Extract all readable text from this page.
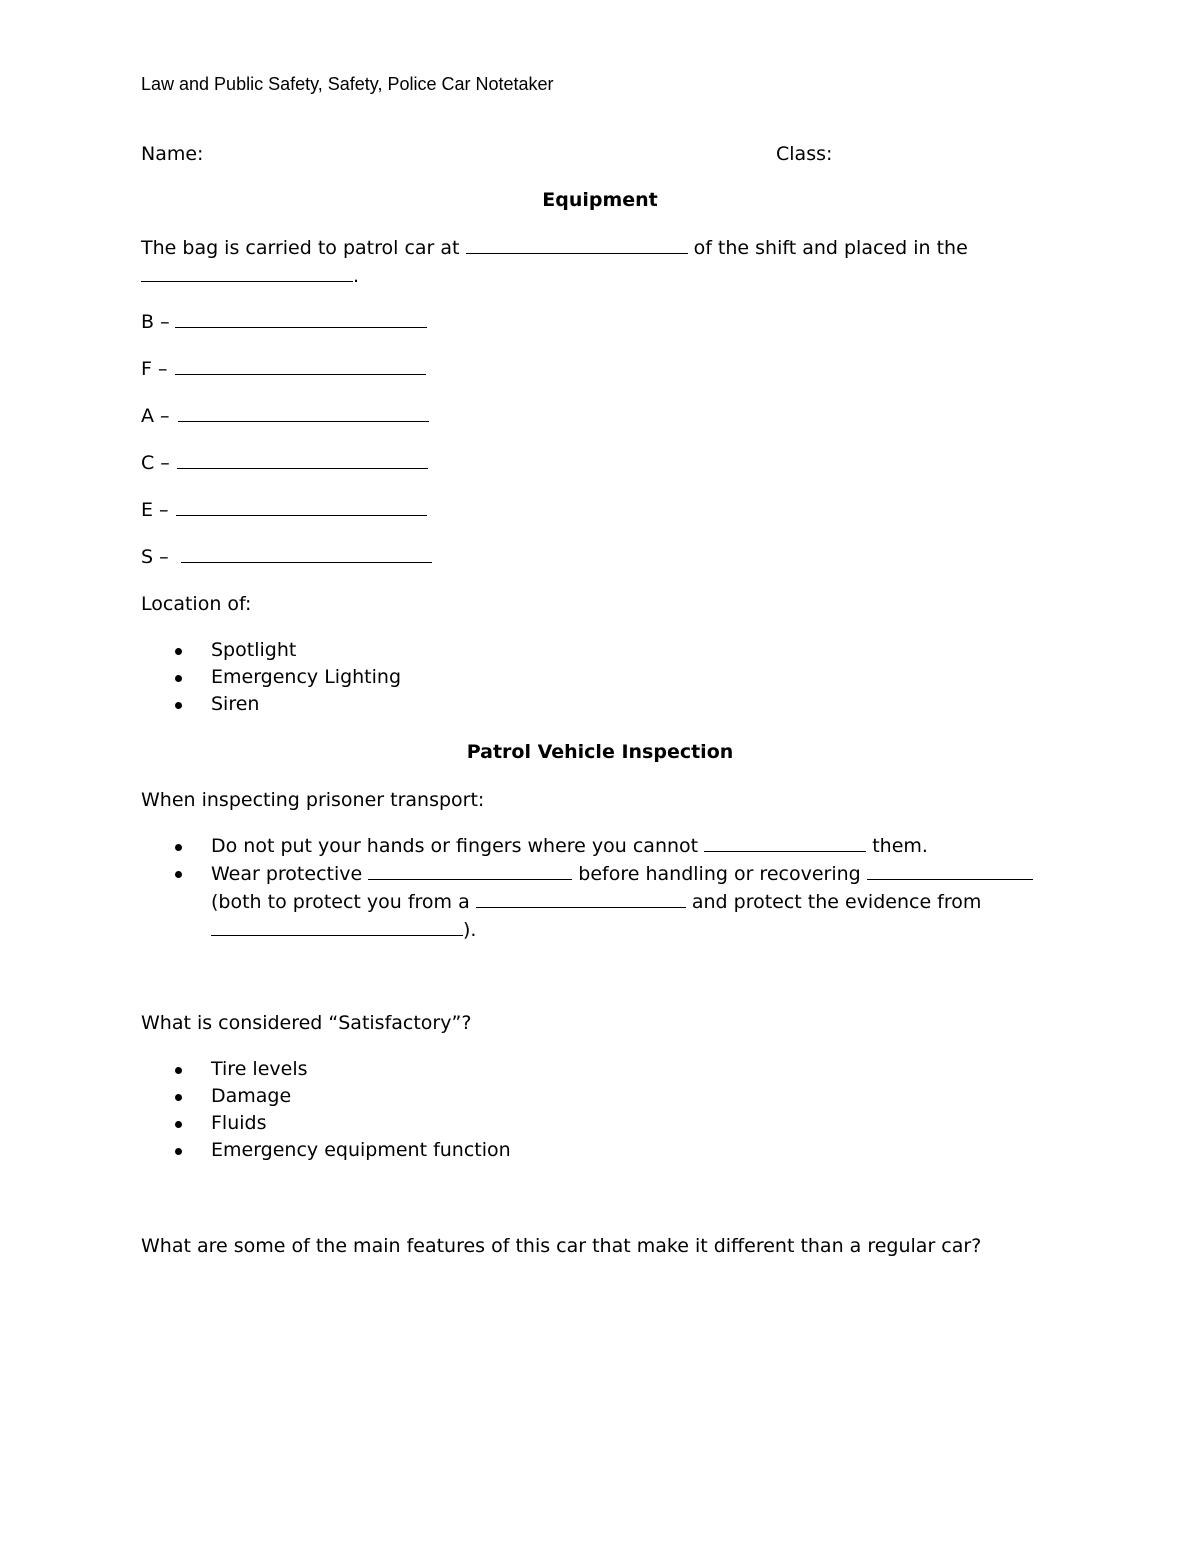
Law and Public Safety, Safety, Police Car Notetaker
Name:	Class:
Equipment
The bag is carried to patrol car at	of the shift and placed in the
.
B –
F –
A –
C –
E –
S –
Location of:
Spotlight
Emergency Lighting
Siren
Patrol Vehicle Inspection
When inspecting prisoner transport:
Do not put your hands or fingers where you cannot	them.
Wear protective	before handling or recovering
(both to protect you from a	and protect the evidence from
).
What is considered “Satisfactory”?
Tire levels
Damage
Fluids
Emergency equipment function
What are some of the main features of this car that make it different than a regular car?
